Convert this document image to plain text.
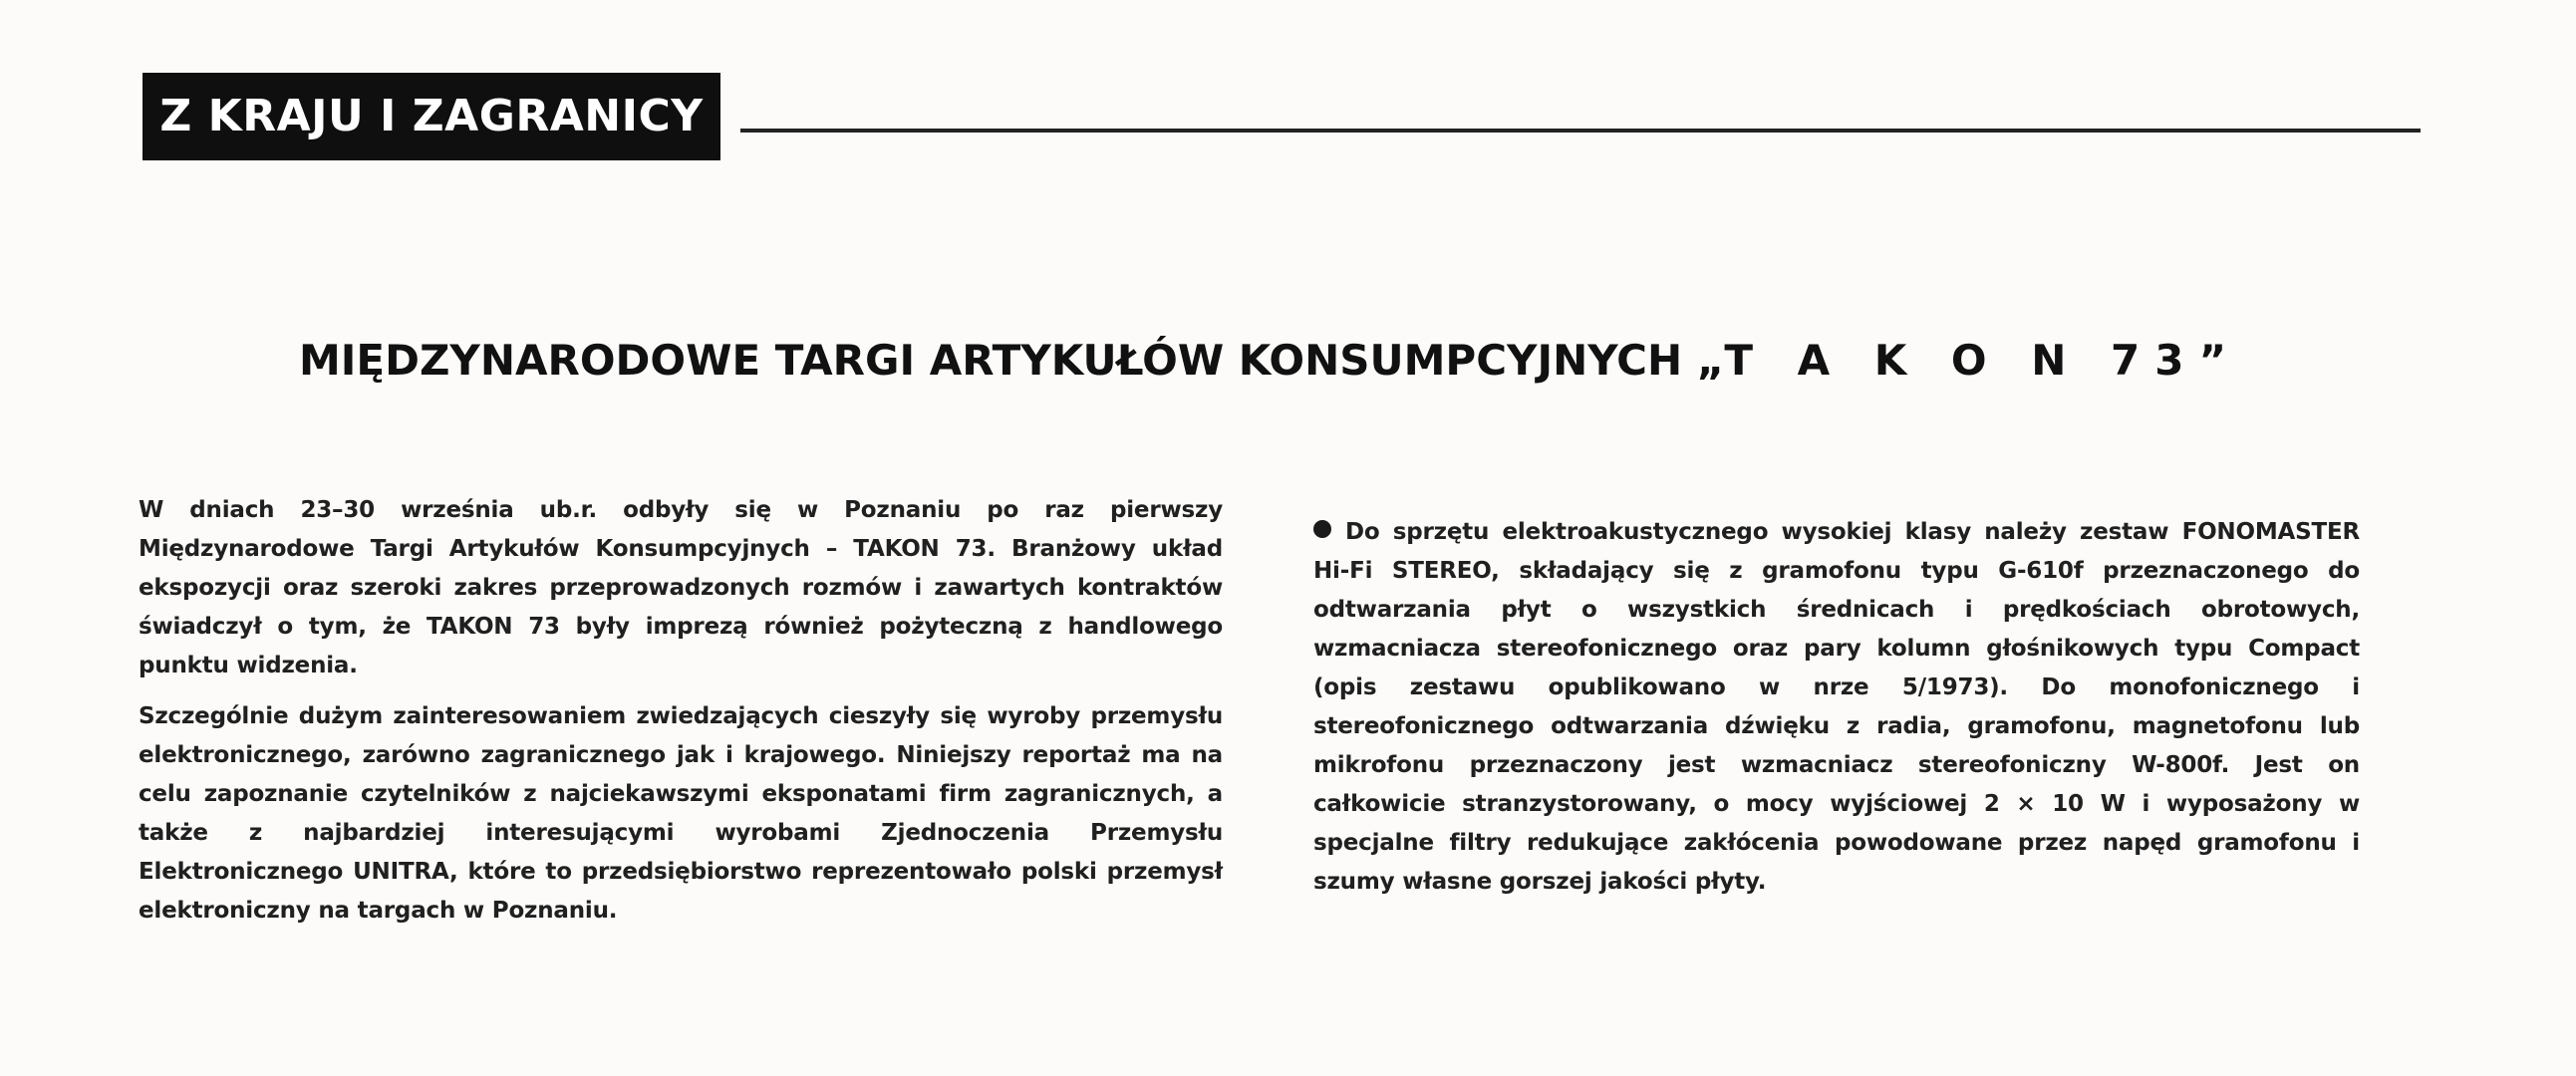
Z KRAJU I ZAGRANICY
MIĘDZYNARODOWE TARGI ARTYKUŁÓW KONSUMPCYJNYCH „T A K O N 73”

W dniach 23–30 września ub.r. odbyły się w Poznaniu po raz pierwszy Międzynarodowe Targi Artykułów Konsumpcyjnych – TAKON 73. Branżowy układ ekspozycji oraz szeroki zakres przeprowadzonych rozmów i zawartych kontraktów świadczył o tym, że TAKON 73 były imprezą również pożyteczną z handlowego punktu widzenia.

Szczególnie dużym zainteresowaniem zwiedzających cieszyły się wyroby przemysłu elektronicznego, zarówno zagranicznego jak i krajowego. Niniejszy reportaż ma na celu zapoznanie czytelników z najciekawszymi eksponatami firm zagranicznych, a także z najbardziej interesującymi wyrobami Zjednoczenia Przemysłu Elektronicznego UNITRA, które to przedsiębiorstwo reprezentowało polski przemysł elektroniczny na targach w Poznaniu.

Do sprzętu elektroakustycznego wysokiej klasy należy zestaw FONOMASTER Hi-Fi STEREO, składający się z gramofonu typu G-610f przeznaczonego do odtwarzania płyt o wszystkich średnicach i prędkościach obrotowych, wzmacniacza stereofonicznego oraz pary kolumn głośnikowych typu Compact (opis zestawu opublikowano w nrze 5/1973). Do monofonicznego i stereofonicznego odtwarzania dźwięku z radia, gramofonu, magnetofonu lub mikrofonu przeznaczony jest wzmacniacz stereofoniczny W-800f. Jest on całkowicie stranzystorowany, o mocy wyjściowej 2 × 10 W i wyposażony w specjalne filtry redukujące zakłócenia powodowane przez napęd gramofonu i szumy własne gorszej jakości płyty.
